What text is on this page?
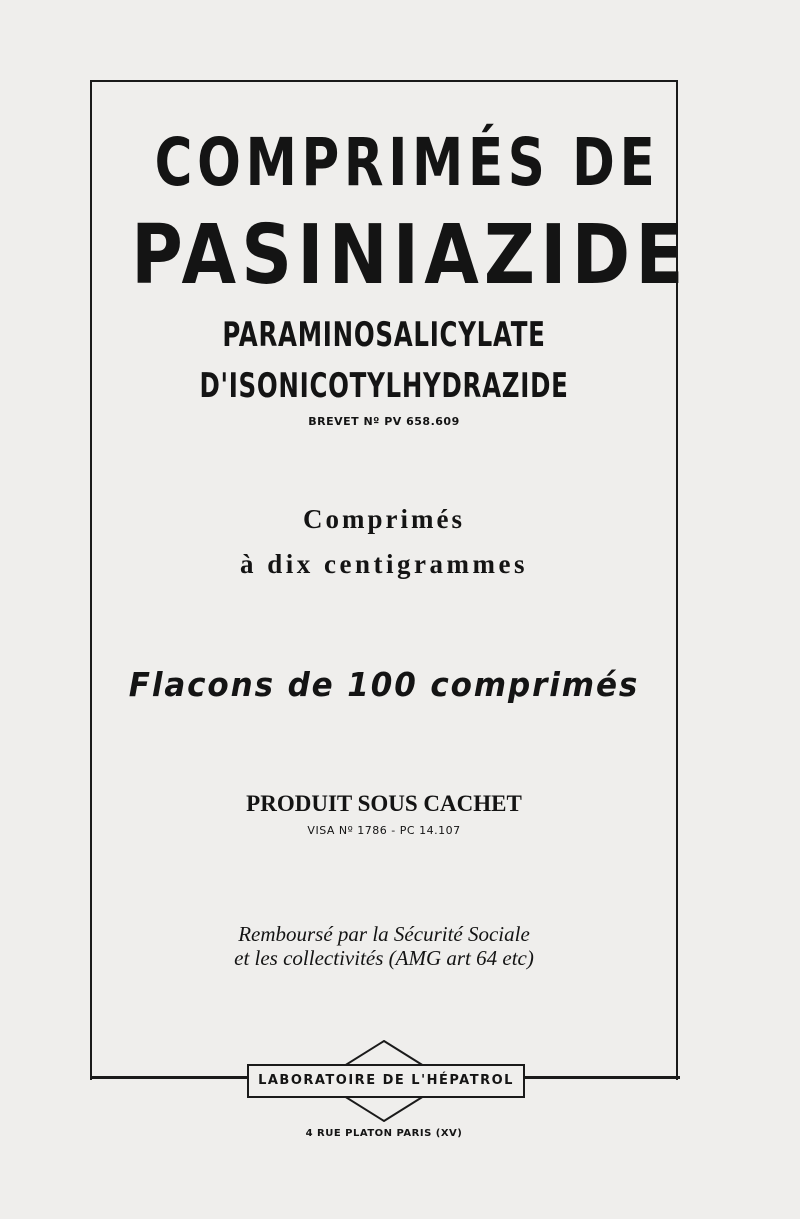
COMPRIMÉS DE
PASINIAZIDE
PARAMINOSALICYLATE
D'ISONICOTYLHYDRAZIDE
BREVET Nº PV 658.609
Comprimés
à dix centigrammes
Flacons de 100 comprimés
PRODUIT SOUS CACHET
VISA Nº 1786 - PC 14.107
Remboursé par la Sécurité Sociale
et les collectivités (AMG art 64 etc)
LABORATOIRE DE L'HÉPATROL
4 RUE PLATON PARIS (XV)
